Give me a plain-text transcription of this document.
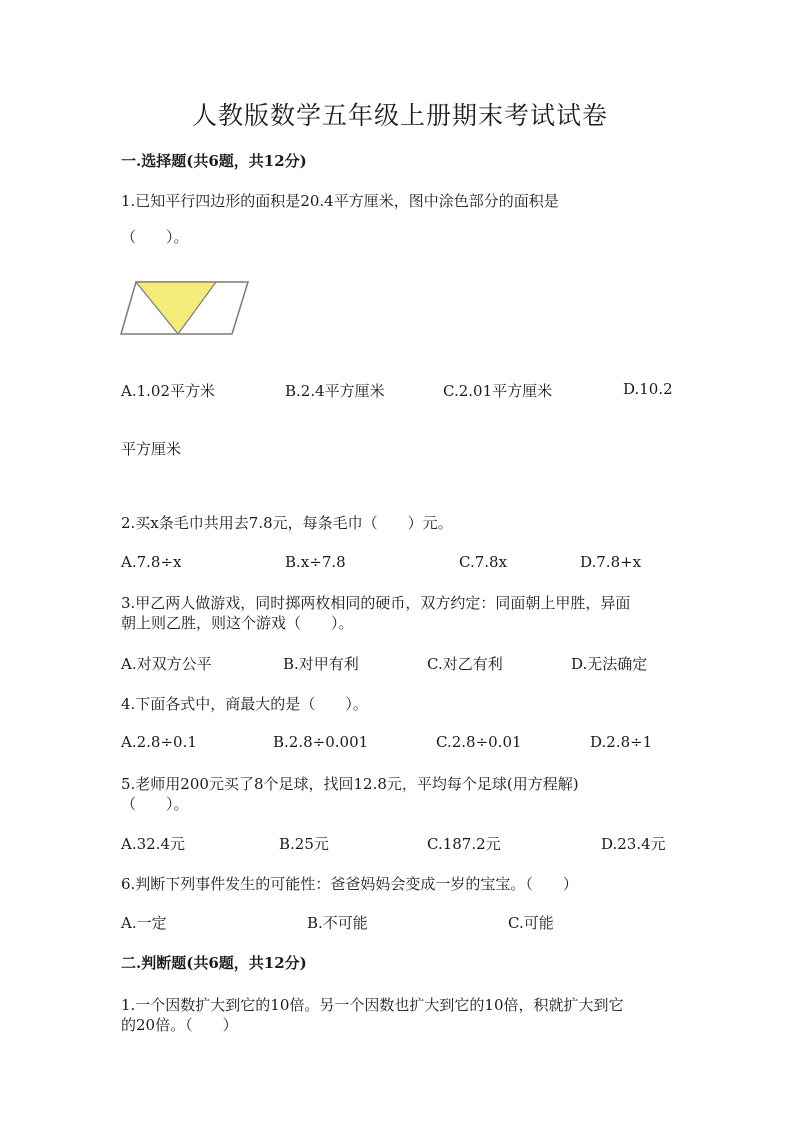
人教版数学五年级上册期末考试试卷
一.选择题(共6题，共12分)
1.已知平行四边形的面积是20.4平方厘米，图中涂色部分的面积是
（　　）。
A.1.02平方米	B.2.4平方厘米	C.2.01平方厘米	D.10.2
平方厘米
2.买x条毛巾共用去7.8元，每条毛巾（　　）元。
A.7.8÷x	B.x÷7.8	C.7.8x	D.7.8+x
3.甲乙两人做游戏，同时掷两枚相同的硬币，双方约定：同面朝上甲胜，异面
朝上则乙胜，则这个游戏（　　）。
A.对双方公平	B.对甲有利	C.对乙有利	D.无法确定
4.下面各式中，商最大的是（　　）。
A.2.8÷0.1	B.2.8÷0.001	C.2.8÷0.01	D.2.8÷1
5.老师用200元买了8个足球，找回12.8元，平均每个足球(用方程解)
（　　）。
A.32.4元	B.25元	C.187.2元	D.23.4元
6.判断下列事件发生的可能性：爸爸妈妈会变成一岁的宝宝。（　　）
A.一定	B.不可能	C.可能
二.判断题(共6题，共12分)
1.一个因数扩大到它的10倍。另一个因数也扩大到它的10倍，积就扩大到它
的20倍。（　　）
